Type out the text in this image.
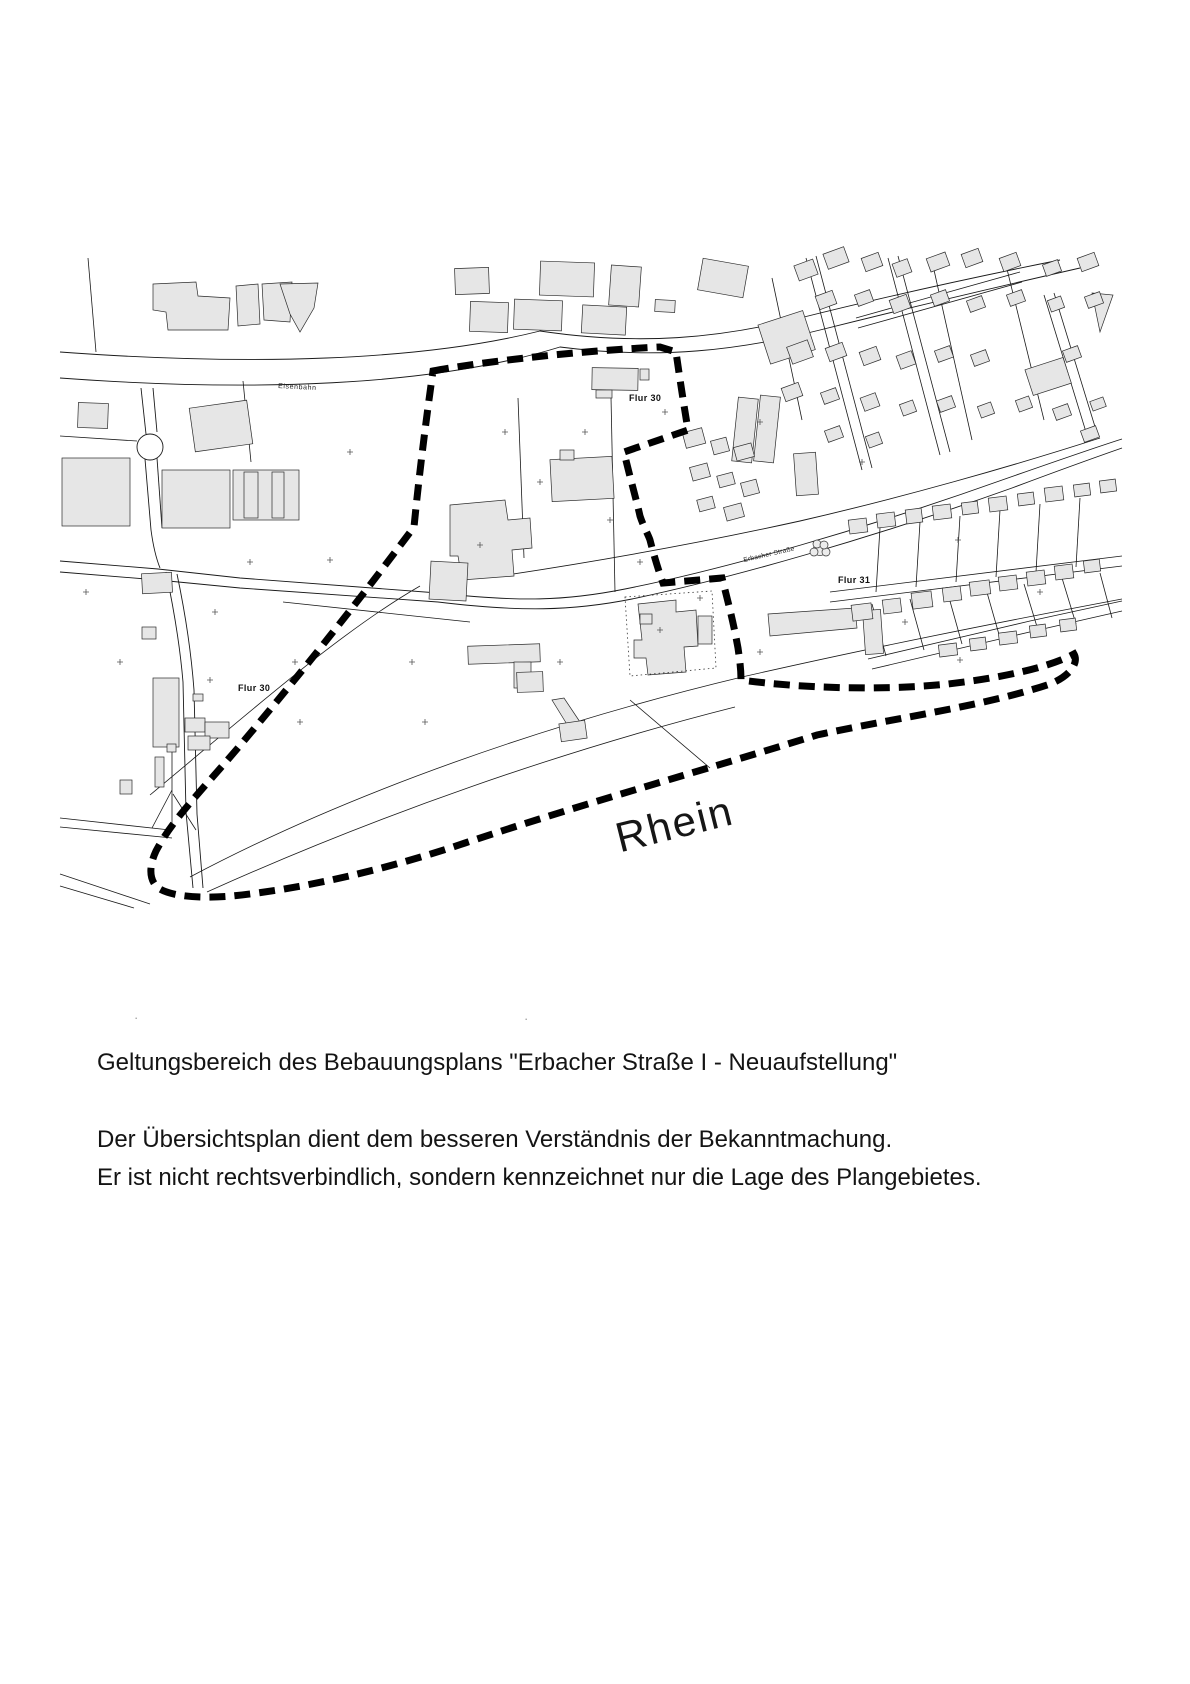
Eisenbahn
Flur 30
Flur 30
Flur 31
Erbacher Straße
Rhein
·	·
Geltungsbereich des Bebauungsplans "Erbacher Straße I - Neuaufstellung"
Der Übersichtsplan dient dem besseren Verständnis der Bekanntmachung.
Er ist nicht rechtsverbindlich, sondern kennzeichnet nur die Lage des Plangebietes.
